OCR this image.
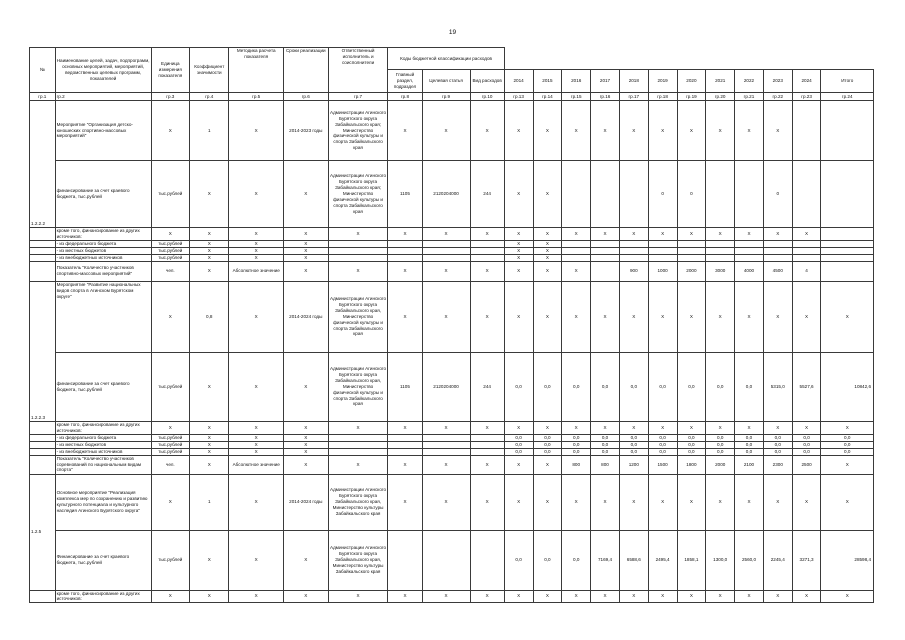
19
№	Наименование целей, задач, подпрограмм, основных мероприятий, мероприятий, ведомственных целевых программ, показателей	Единица измерения показателя	Коэффициент значимости	Методика расчета показателя	Сроки реализации	Ответственный исполнитель и соисполнители	Коды бюджетной классификации расходов														
							Главный раздел, подраздел	Целевая статья	Вид расходов	2014	2015	2016	2017	2018	2019	2020	2021	2022	2023	2024	Итого
гр.1	гр.2	гр.3	гр.4	гр.5	гр.6	гр.7	гр.8	гр.9	гр.10	гр.13	гр.14	гр.15	гр.16	гр.17	гр.18	гр.19	гр.20	гр.21	гр.22	гр.23	гр.24
1.2.2.2	Мероприятие "Организация детско-юношеских спортивно-массовых мероприятий"	Х	1	Х	2014-2023 годы	Администрации Агинского Бурятского округа Забайкальского края; Министерство физической культуры и спорта Забайкальского края	Х	Х	Х	Х	Х	Х	Х	Х	Х	Х	Х	Х	Х		
	финансирование за счет краевого бюджета, тыс.рублей	тыс.рублей	Х	Х	Х	Администрации Агинского Бурятского округа Забайкальского края; Министерство физической культуры и спорта Забайкальского края	1105	2120204000	244	Х	Х				0	0			0		
	кроме того, финансирование из других источников:	Х	Х	Х	Х	Х	Х	Х	Х	Х	Х	Х	Х	Х	Х	Х	Х	Х	Х	Х	
	- из федерального бюджета	тыс.рублей	Х	Х	Х					Х	Х										
	- из местных бюджетов	тыс.рублей	Х	Х	Х					Х	Х										
	- из внебюджетных источников	тыс.рублей	Х	Х	Х					Х	Х										
	Показатель "Количество участников спортивно-массовых мероприятий"	чел.	Х	Абсолютное значение	Х	Х	Х	Х	Х	Х	Х	Х		900	1000	2000	3000	4000	4500	4	
1.2.2.3	Мероприятие "Развитие национальных видов спорта в Агинском Бурятском округе"	Х	0,8	Х	2014-2024 годы	Администрации Агинского Бурятского округа Забайкальского края, Министерство физической культуры и спорта Забайкальского края	Х	Х	Х	Х	Х	Х	Х	Х	Х	Х	Х	Х	Х	Х	Х
	финансирование за счет краевого бюджета, тыс.рублей	тыс.рублей	Х	Х	Х	Администрации Агинского Бурятского округа Забайкальского края, Министерство физической культуры и спорта Забайкальского края	1105	2120204000	244	0,0	0,0	0,0	0,0	0,0	0,0	0,0	0,0	0,0	5315,0	5527,6	10842,6
	кроме того, финансирование из других источников:	Х	Х	Х	Х	Х	Х	Х	Х	Х	Х	Х	Х	Х	Х	Х	Х	Х	Х	Х	Х
	- из федерального бюджета	тыс.рублей	Х	Х	Х					0,0	0,0	0,0	0,0	0,0	0,0	0,0	0,0	0,0	0,0	0,0	0,0
	- из местных бюджетов	тыс.рублей	Х	Х	Х					0,0	0,0	0,0	0,0	0,0	0,0	0,0	0,0	0,0	0,0	0,0	0,0
	- из внебюджетных источников	тыс.рублей	Х	Х	Х					0,0	0,0	0,0	0,0	0,0	0,0	0,0	0,0	0,0	0,0	0,0	0,0
	Показатель "Количество участников соревнований по национальным видам спорта"	чел.	Х	Абсолютное значение	Х	Х	Х	Х	Х	Х	Х	800	800	1200	1500	1800	2000	2100	2300	2500	Х
1.2.5	Основное мероприятие "Реализация комплекса мер по сохранению и развитию культурного потенциала и культурного наследия Агинского Бурятского округа"	Х	1	Х	2014-2024 годы	Администрации Агинского Бурятского округа Забайкальского края, Министерство культуры Забайкальского края	Х	Х	Х	Х	Х	Х	Х	Х	Х	Х	Х	Х	Х	Х	Х
	Финансирование за счет краевого бюджета, тыс.рублей	тыс.рублей	Х	Х	Х	Администрации Агинского Бурятского округа Забайкальского края, Министерство культуры Забайкальского края				0,0	0,0	0,0	7169,4	6588,6	2495,4	1858,1	1300,0	2560,0	2245,4	3271,3	28598,4
	кроме того, финансирование из других источников:	Х	Х	Х	Х	Х	Х	Х	Х	Х	Х	Х	Х	Х	Х	Х	Х	Х	Х	Х	Х
